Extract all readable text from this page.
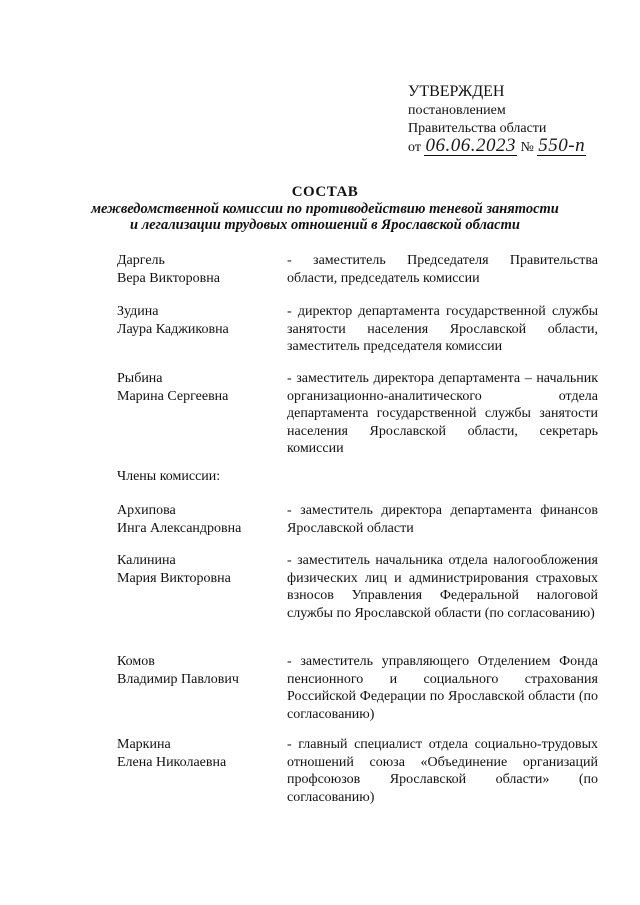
УТВЕРЖДЕН
постановлением
Правительства области
от 06.06.2023 № 550-п
СОСТАВ
межведомственной комиссии по противодействию теневой занятости
и легализации трудовых отношений в Ярославской области
Даргель
Вера Викторовна
- заместитель Председателя Правительства области, председатель комиссии
Зудина
Лаура Каджиковна
- директор департамента государственной службы занятости населения Ярославской области, заместитель председателя комиссии
Рыбина
Марина Сергеевна
- заместитель директора департамента – начальник организационно-аналитического отдела департамента государственной службы занятости населения Ярославской области, секретарь комиссии
Члены комиссии:
Архипова
Инга Александровна
- заместитель директора департамента финансов Ярославской области
Калинина
Мария Викторовна
- заместитель начальника отдела налогообложения физических лиц и администрирования страховых взносов Управления Федеральной налоговой службы по Ярославской области (по согласованию)
Комов
Владимир Павлович
- заместитель управляющего Отделением Фонда пенсионного и социального страхования Российской Федерации по Ярославской области (по согласованию)
Маркина
Елена Николаевна
- главный специалист отдела социально-трудовых отношений союза «Объединение организаций профсоюзов Ярославской области» (по согласованию)
